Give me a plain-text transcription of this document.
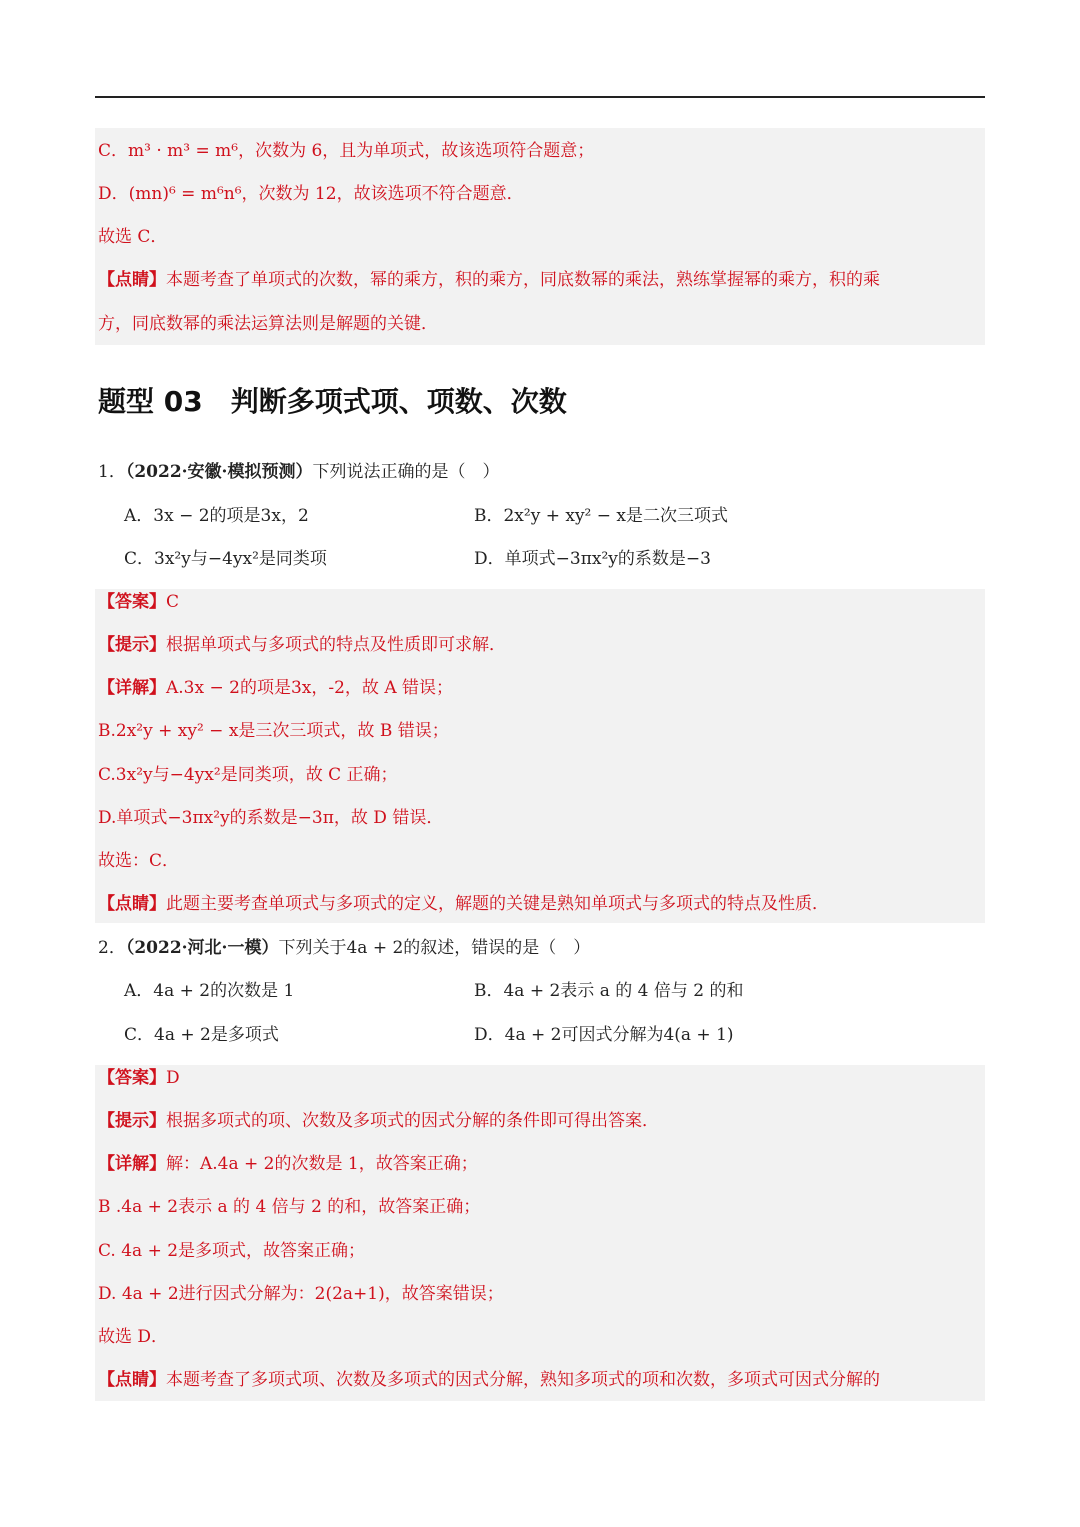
C．m³ · m³ = m⁶，次数为 6，且为单项式，故该选项符合题意；
D．(mn)⁶ = m⁶n⁶，次数为 12，故该选项不符合题意．
故选 C．
【点睛】本题考查了单项式的次数，幂的乘方，积的乘方，同底数幂的乘法，熟练掌握幂的乘方，积的乘
方，同底数幂的乘法运算法则是解题的关键．
题型 03 判断多项式项、项数、次数
1．（2022·安徽·模拟预测）下列说法正确的是（　）
A．3x − 2的项是3x，2	B．2x²y + xy² − x是二次三项式
C．3x²y与−4yx²是同类项	D．单项式−3πx²y的系数是−3
【答案】C
【提示】根据单项式与多项式的特点及性质即可求解．
【详解】A.3x − 2的项是3x，-2，故 A 错误；
B.2x²y + xy² − x是三次三项式，故 B 错误；
C.3x²y与−4yx²是同类项，故 C 正确；
D.单项式−3πx²y的系数是−3π，故 D 错误．
故选：C．
【点睛】此题主要考查单项式与多项式的定义，解题的关键是熟知单项式与多项式的特点及性质．
2．（2022·河北·一模）下列关于4a + 2的叙述，错误的是（　）
A．4a + 2的次数是 1	B．4a + 2表示 a 的 4 倍与 2 的和
C．4a + 2是多项式	D．4a + 2可因式分解为4(a + 1)
【答案】D
【提示】根据多项式的项、次数及多项式的因式分解的条件即可得出答案．
【详解】解：A.4a + 2的次数是 1，故答案正确；
B .4a + 2表示 a 的 4 倍与 2 的和，故答案正确；
C. 4a + 2是多项式，故答案正确；
D. 4a + 2进行因式分解为：2(2a+1)，故答案错误；
故选 D．
【点睛】本题考查了多项式项、次数及多项式的因式分解，熟知多项式的项和次数，多项式可因式分解的
